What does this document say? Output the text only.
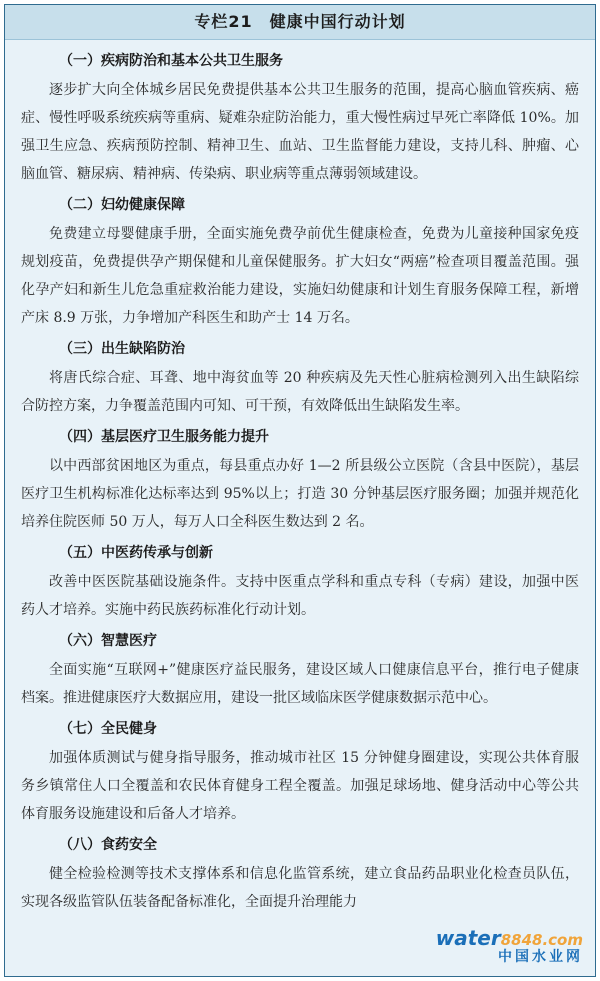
专栏21　健康中国行动计划
（一）疾病防治和基本公共卫生服务
逐步扩大向全体城乡居民免费提供基本公共卫生服务的范围，提高心脑血管疾病、癌症、慢性呼吸系统疾病等重病、疑难杂症防治能力，重大慢性病过早死亡率降低 10%。加强卫生应急、疾病预防控制、精神卫生、血站、卫生监督能力建设，支持儿科、肿瘤、心脑血管、糖尿病、精神病、传染病、职业病等重点薄弱领域建设。
（二）妇幼健康保障
免费建立母婴健康手册，全面实施免费孕前优生健康检查，免费为儿童接种国家免疫规划疫苗，免费提供孕产期保健和儿童保健服务。扩大妇女“两癌”检查项目覆盖范围。强化孕产妇和新生儿危急重症救治能力建设，实施妇幼健康和计划生育服务保障工程，新增产床 8.9 万张，力争增加产科医生和助产士 14 万名。
（三）出生缺陷防治
将唐氏综合症、耳聋、地中海贫血等 20 种疾病及先天性心脏病检测列入出生缺陷综合防控方案，力争覆盖范围内可知、可干预，有效降低出生缺陷发生率。
（四）基层医疗卫生服务能力提升
以中西部贫困地区为重点，每县重点办好 1—2 所县级公立医院（含县中医院），基层医疗卫生机构标准化达标率达到 95%以上；打造 30 分钟基层医疗服务圈；加强并规范化培养住院医师 50 万人，每万人口全科医生数达到 2 名。
（五）中医药传承与创新
改善中医医院基础设施条件。支持中医重点学科和重点专科（专病）建设，加强中医药人才培养。实施中药民族药标准化行动计划。
（六）智慧医疗
全面实施“互联网+”健康医疗益民服务，建设区域人口健康信息平台，推行电子健康档案。推进健康医疗大数据应用，建设一批区域临床医学健康数据示范中心。
（七）全民健身
加强体质测试与健身指导服务，推动城市社区 15 分钟健身圈建设，实现公共体育服务乡镇常住人口全覆盖和农民体育健身工程全覆盖。加强足球场地、健身活动中心等公共体育服务设施建设和后备人才培养。
（八）食药安全
健全检验检测等技术支撑体系和信息化监管系统，建立食品药品职业化检查员队伍，实现各级监管队伍装备配备标准化，全面提升治理能力
water8848.com
中国水业网
